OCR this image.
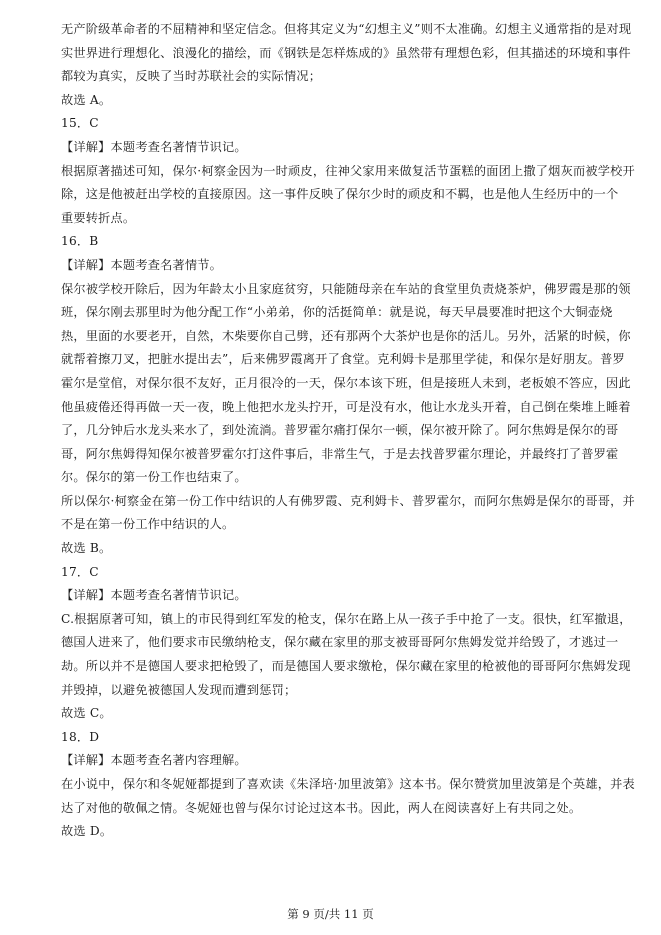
无产阶级革命者的不屈精神和坚定信念。但将其定义为“幻想主义”则不太准确。幻想主义通常指的是对现
实世界进行理想化、浪漫化的描绘，而《钢铁是怎样炼成的》虽然带有理想色彩，但其描述的环境和事件
都较为真实，反映了当时苏联社会的实际情况；
故选 A。
15．C
【详解】本题考查名著情节识记。
根据原著描述可知，保尔·柯察金因为一时顽皮，往神父家用来做复活节蛋糕的面团上撒了烟灰而被学校开
除，这是他被赶出学校的直接原因。这一事件反映了保尔少时的顽皮和不羁，也是他人生经历中的一个
重要转折点。
16．B
【详解】本题考查名著情节。
保尔被学校开除后，因为年龄太小且家庭贫穷，只能随母亲在车站的食堂里负责烧茶炉，佛罗霞是那的领
班，保尔刚去那里时为他分配工作“小弟弟，你的活挺简单：就是说，每天早晨要准时把这个大铜壶烧
热，里面的水要老开，自然，木柴要你自己劈，还有那两个大茶炉也是你的活儿。另外，活紧的时候，你
就帮着擦刀叉，把脏水提出去”，后来佛罗霞离开了食堂。克利姆卡是那里学徒，和保尔是好朋友。普罗
霍尔是堂倌，对保尔很不友好，正月很冷的一天，保尔本该下班，但是接班人未到，老板娘不答应，因此
他虽疲倦还得再做一天一夜，晚上他把水龙头拧开，可是没有水，他让水龙头开着，自己倒在柴堆上睡着
了，几分钟后水龙头来水了，到处流淌。普罗霍尔痛打保尔一顿，保尔被开除了。阿尔焦姆是保尔的哥
哥，阿尔焦姆得知保尔被普罗霍尔打这件事后，非常生气，于是去找普罗霍尔理论，并最终打了普罗霍
尔。保尔的第一份工作也结束了。
所以保尔·柯察金在第一份工作中结识的人有佛罗霞、克利姆卡、普罗霍尔，而阿尔焦姆是保尔的哥哥，并
不是在第一份工作中结识的人。
故选 B。
17．C
【详解】本题考查名著情节识记。
C.根据原著可知，镇上的市民得到红军发的枪支，保尔在路上从一孩子手中抢了一支。很快，红军撤退，
德国人进来了，他们要求市民缴纳枪支，保尔藏在家里的那支被哥哥阿尔焦姆发觉并给毁了，才逃过一
劫。所以并不是德国人要求把枪毁了，而是德国人要求缴枪，保尔藏在家里的枪被他的哥哥阿尔焦姆发现
并毁掉，以避免被德国人发现而遭到惩罚；
故选 C。
18．D
【详解】本题考查名著内容理解。
在小说中，保尔和冬妮娅都提到了喜欢读《朱泽培·加里波第》这本书。保尔赞赏加里波第是个英雄，并表
达了对他的敬佩之情。冬妮娅也曾与保尔讨论过这本书。因此，两人在阅读喜好上有共同之处。
故选 D。
第 9 页/共 11 页
